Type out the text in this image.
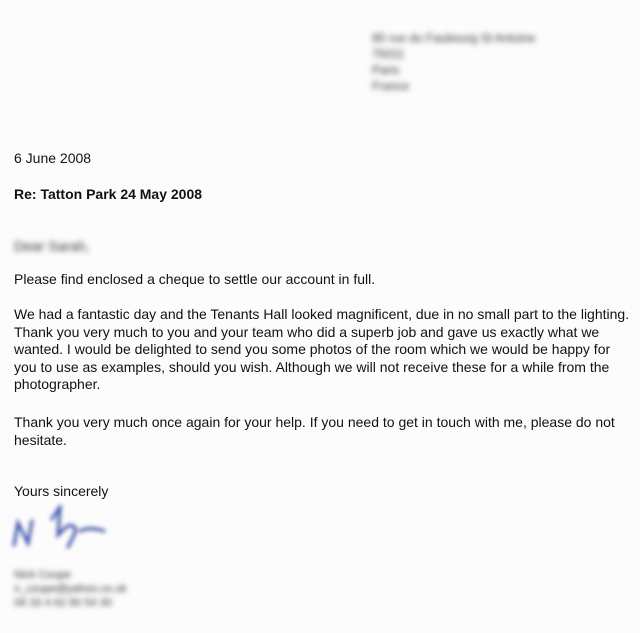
85 rue du Faubourg St Antoine
75011
Paris
France
6 June 2008
Re: Tatton Park 24 May 2008
Dear Sarah,

Please find enclosed a cheque to settle our account in full.

We had a fantastic day and the Tenants Hall looked magnificent, due in no small part to the lighting. Thank you very much to you and your team who did a superb job and gave us exactly what we wanted. I would be delighted to send you some photos of the room which we would be happy for you to use as examples, should you wish. Although we will not receive these for a while from the photographer.

Thank you very much once again for your help. If you need to get in touch with me, please do not hesitate.

Yours sincerely
Nick Coupe
n_coupe@yahoo.co.uk
06 33 4 62 90 54 30
